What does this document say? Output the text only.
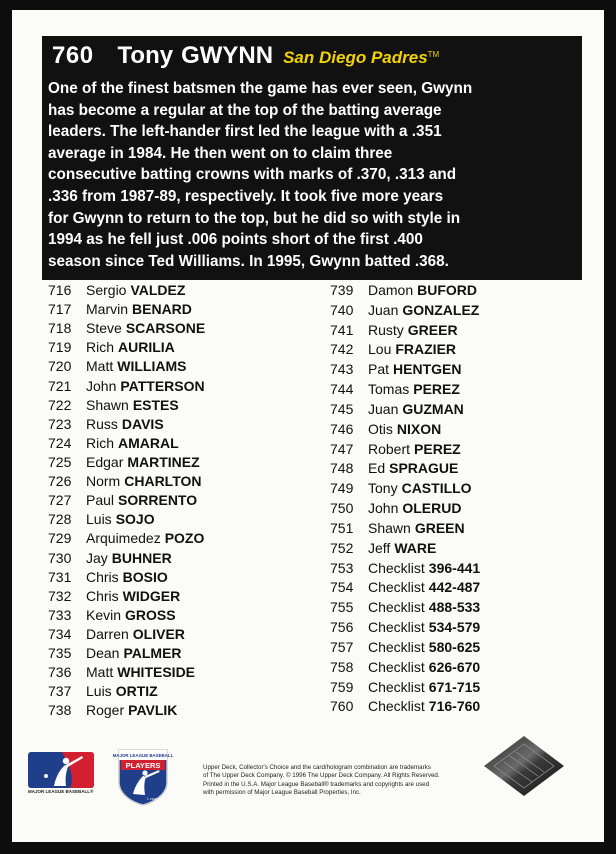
760 Tony GWYNN San Diego Padres TM
One of the finest batsmen the game has ever seen, Gwynn
has become a regular at the top of the batting average
leaders. The left-hander first led the league with a .351
average in 1984. He then went on to claim three
consecutive batting crowns with marks of .370, .313 and
.336 from 1987-89, respectively. It took five more years
for Gwynn to return to the top, but he did so with style in
1994 as he fell just .006 points short of the first .400
season since Ted Williams. In 1995, Gwynn batted .368.
716 Sergio VALDEZ
717 Marvin BENARD
718 Steve SCARSONE
719 Rich AURILIA
720 Matt WILLIAMS
721 John PATTERSON
722 Shawn ESTES
723 Russ DAVIS
724 Rich AMARAL
725 Edgar MARTINEZ
726 Norm CHARLTON
727 Paul SORRENTO
728 Luis SOJO
729 Arquimedez POZO
730 Jay BUHNER
731 Chris BOSIO
732 Chris WIDGER
733 Kevin GROSS
734 Darren OLIVER
735 Dean PALMER
736 Matt WHITESIDE
737 Luis ORTIZ
738 Roger PAVLIK
739 Damon BUFORD
740 Juan GONZALEZ
741 Rusty GREER
742 Lou FRAZIER
743 Pat HENTGEN
744 Tomas PEREZ
745 Juan GUZMAN
746 Otis NIXON
747 Robert PEREZ
748 Ed SPRAGUE
749 Tony CASTILLO
750 John OLERUD
751 Shawn GREEN
752 Jeff WARE
753 Checklist 396-441
754 Checklist 442-487
755 Checklist 488-533
756 Checklist 534-579
757 Checklist 580-625
758 Checklist 626-670
759 Checklist 671-715
760 Checklist 716-760
MAJOR LEAGUE BASEBALL®
MAJOR LEAGUE BASEBALL
PLAYERS
© 1996 MLBPA
Upper Deck, Collector's Choice and the card/hologram combination are trademarks
of The Upper Deck Company. © 1996 The Upper Deck Company. All Rights Reserved.
Printed in the U.S.A. Major League Baseball® trademarks and copyrights are used
with permission of Major League Baseball Properties, Inc.
